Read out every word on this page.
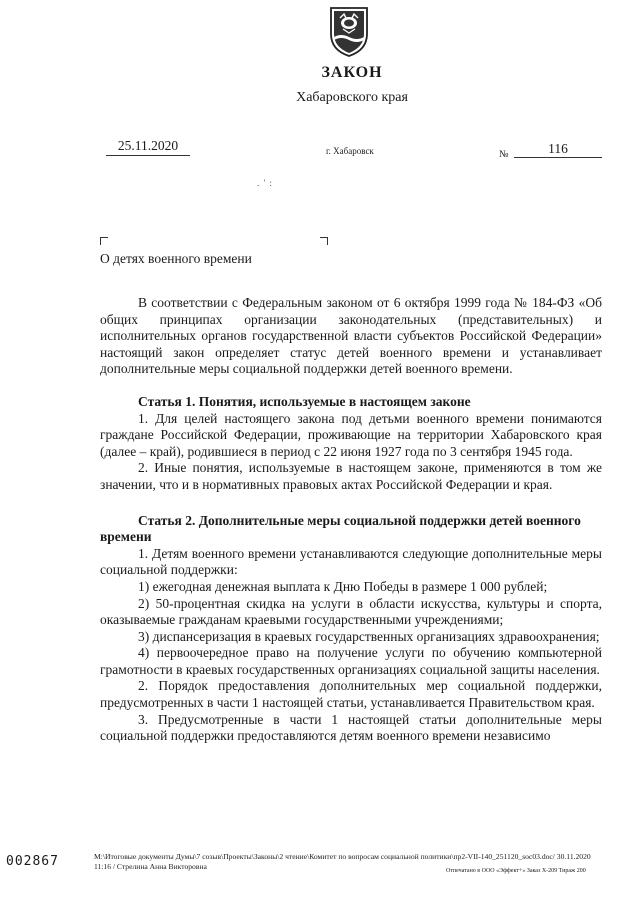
ЗАКОН
Хабаровского края
25.11.2020	г. Хабаровск	№	116
. ' :
О детях военного времени

В соответствии с Федеральным законом от 6 октября 1999 года № 184-ФЗ «Об общих принципах организации законодательных (представительных) и исполнительных органов государственной власти субъектов Российской Федерации» настоящий закон определяет статус детей военного времени и устанавливает дополнительные меры социальной поддержки детей военного времени.

Статья 1. Понятия, используемые в настоящем законе

1. Для целей настоящего закона под детьми военного времени понимаются граждане Российской Федерации, проживающие на территории Хабаровского края (далее – край), родившиеся в период с 22 июня 1927 года по 3 сентября 1945 года.

2. Иные понятия, используемые в настоящем законе, применяются в том же значении, что и в нормативных правовых актах Российской Федерации и края.

Статья 2. Дополнительные меры социальной поддержки детей военного времени

1. Детям военного времени устанавливаются следующие дополнительные меры социальной поддержки:

1) ежегодная денежная выплата к Дню Победы в размере 1 000 рублей;

2) 50-процентная скидка на услуги в области искусства, культуры и спорта, оказываемые гражданам краевыми государственными учреждениями;

3) диспансеризация в краевых государственных организациях здравоохранения;

4) первоочередное право на получение услуги по обучению компьютерной грамотности в краевых государственных организациях социальной защиты населения.

2. Порядок предоставления дополнительных мер социальной поддержки, предусмотренных в части 1 настоящей статьи, устанавливается Правительством края.

3. Предусмотренные в части 1 настоящей статьи дополнительные меры социальной поддержки предоставляются детям военного времени независимо

002867	M:\Итоговые документы Думы\7 созыв\Проекты\Законы\2 чтение\Комитет по вопросам социальной политики\пр2-VII-140_251120_soc03.doc/ 30.11.2020
11:16 / Стрелина Анна Викторовна	Отпечатано в ООО «Эффект+» Заказ Х-209 Тираж 200
